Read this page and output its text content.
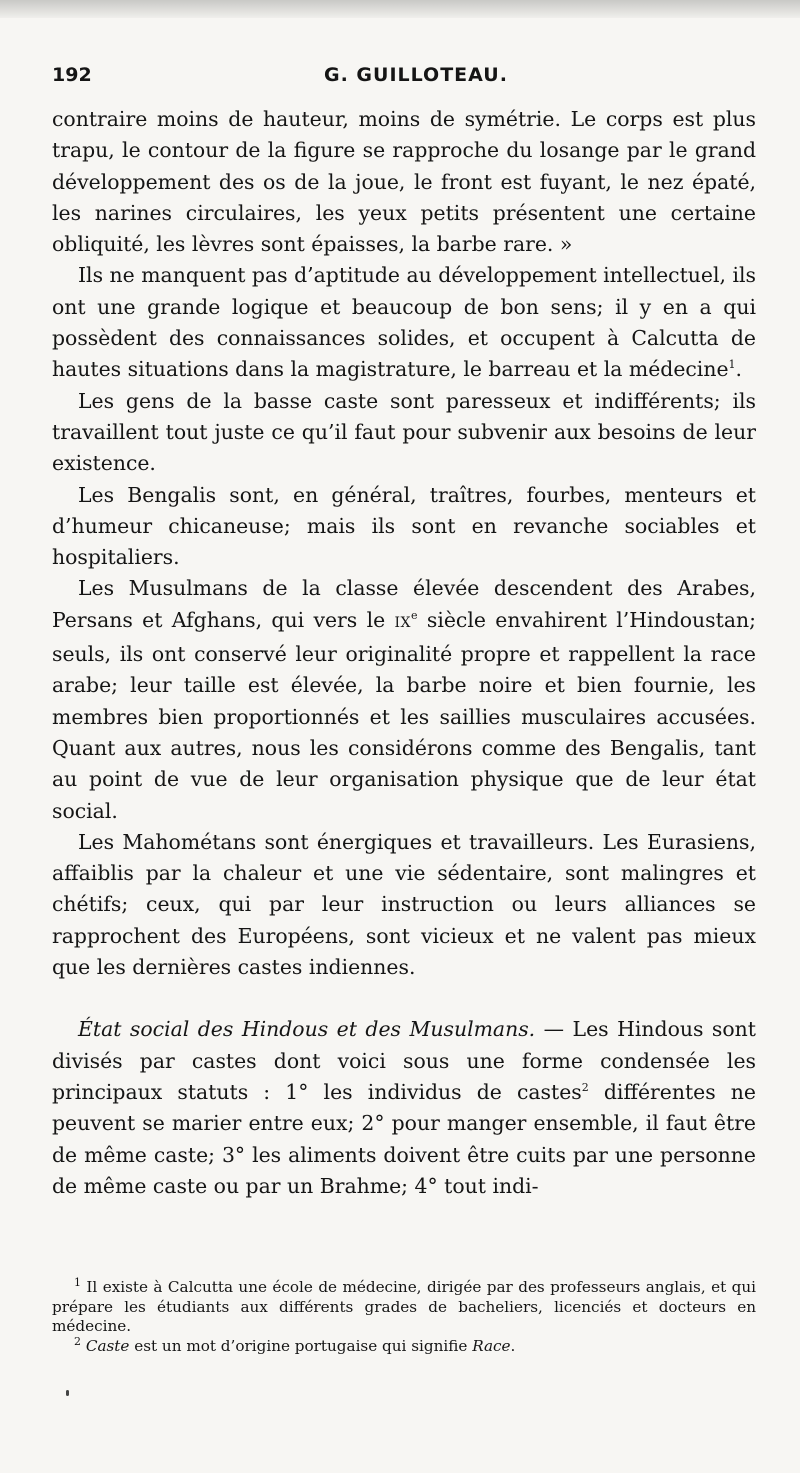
192	G. GUILLOTEAU.

contraire moins de hauteur, moins de symétrie. Le corps est plus trapu, le contour de la figure se rapproche du losange par le grand développement des os de la joue, le front est fuyant, le nez épaté, les narines circulaires, les yeux petits présentent une certaine obliquité, les lèvres sont épaisses, la barbe rare. »

Ils ne manquent pas d’aptitude au développement intellectuel, ils ont une grande logique et beaucoup de bon sens; il y en a qui possèdent des connaissances solides, et occupent à Calcutta de hautes situations dans la magistrature, le barreau et la médecine$^1$.

Les gens de la basse caste sont paresseux et indifférents; ils travaillent tout juste ce qu’il faut pour subvenir aux besoins de leur existence.

Les Bengalis sont, en général, traîtres, fourbes, menteurs et d’humeur chicaneuse; mais ils sont en revanche sociables et hospitaliers.

Les Musulmans de la classe élevée descendent des Arabes, Persans et Afghans, qui vers le IXe siècle envahirent l’Hindoustan; seuls, ils ont conservé leur originalité propre et rappellent la race arabe; leur taille est élevée, la barbe noire et bien fournie, les membres bien proportionnés et les saillies musculaires accusées. Quant aux autres, nous les considérons comme des Bengalis, tant au point de vue de leur organisation physique que de leur état social.

Les Mahométans sont énergiques et travailleurs. Les Eurasiens, affaiblis par la chaleur et une vie sédentaire, sont malingres et chétifs; ceux, qui par leur instruction ou leurs alliances se rapprochent des Européens, sont vicieux et ne valent pas mieux que les dernières castes indiennes.

État social des Hindous et des Musulmans. — Les Hindous sont divisés par castes dont voici sous une forme condensée les principaux statuts : 1° les individus de castes$^2$ différentes ne peuvent se marier entre eux; 2° pour manger ensemble, il faut être de même caste; 3° les aliments doivent être cuits par une personne de même caste ou par un Brahme; 4° tout indi-

$^1$ Il existe à Calcutta une école de médecine, dirigée par des professeurs anglais, et qui prépare les étudiants aux différents grades de bacheliers, licenciés et docteurs en médecine.

$^2$ Caste est un mot d’origine portugaise qui signifie Race.
